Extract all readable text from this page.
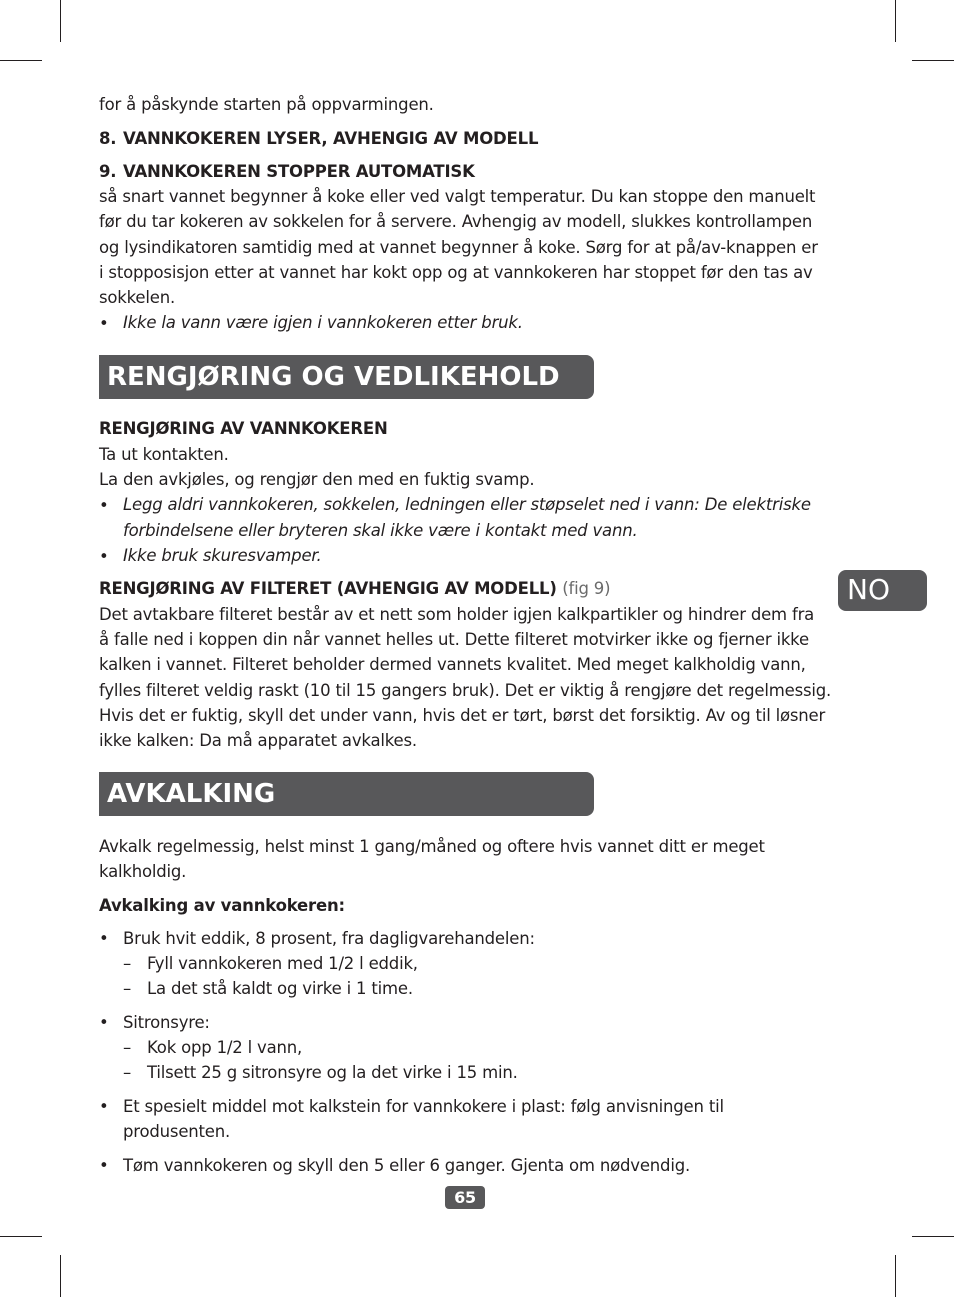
for å påskynde starten på oppvarmingen.
8. VANNKOKEREN LYSER, AVHENGIG AV MODELL
9. VANNKOKEREN STOPPER AUTOMATISK
så snart vannet begynner å koke eller ved valgt temperatur. Du kan stoppe den manuelt
før du tar kokeren av sokkelen for å servere. Avhengig av modell, slukkes kontrollampen
og lysindikatoren samtidig med at vannet begynner å koke. Sørg for at på/av-knappen er
i stopposisjon etter at vannet har kokt opp og at vannkokeren har stoppet før den tas av
sokkelen.
• Ikke la vann være igjen i vannkokeren etter bruk.
RENGJØRING AV VANNKOKEREN
Ta ut kontakten.
La den avkjøles, og rengjør den med en fuktig svamp.
• Legg aldri vannkokeren, sokkelen, ledningen eller støpselet ned i vann: De elektriske
forbindelsene eller bryteren skal ikke være i kontakt med vann.
• Ikke bruk skuresvamper.
RENGJØRING AV FILTERET (AVHENGIG AV MODELL) (fig 9)
Det avtakbare filteret består av et nett som holder igjen kalkpartikler og hindrer dem fra
å falle ned i koppen din når vannet helles ut. Dette filteret motvirker ikke og fjerner ikke
kalken i vannet. Filteret beholder dermed vannets kvalitet. Med meget kalkholdig vann,
fylles filteret veldig raskt (10 til 15 gangers bruk). Det er viktig å rengjøre det regelmessig.
Hvis det er fuktig, skyll det under vann, hvis det er tørt, børst det forsiktig. Av og til løsner
ikke kalken: Da må apparatet avkalkes.
Avkalk regelmessig, helst minst 1 gang/måned og oftere hvis vannet ditt er meget
kalkholdig.
Avkalking av vannkokeren:
• Bruk hvit eddik, 8 prosent, fra dagligvarehandelen:
– Fyll vannkokeren med 1/2 l eddik,
– La det stå kaldt og virke i 1 time.
• Sitronsyre:
– Kok opp 1/2 l vann,
– Tilsett 25 g sitronsyre og la det virke i 15 min.
• Et spesielt middel mot kalkstein for vannkokere i plast: følg anvisningen til
produsenten.
• Tøm vannkokeren og skyll den 5 eller 6 ganger. Gjenta om nødvendig.
RENGJØRING OG VEDLIKEHOLD
AVKALKING
NO
65
